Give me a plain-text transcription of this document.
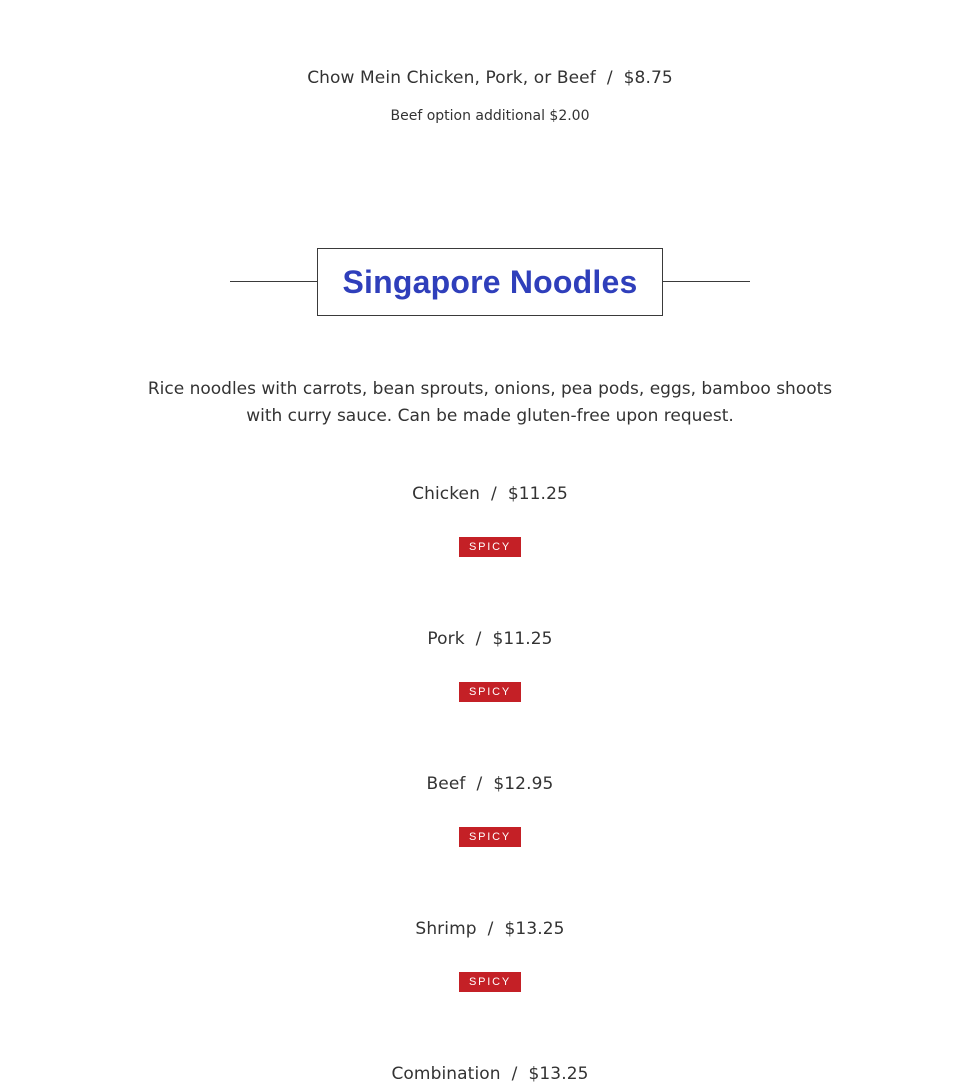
Chow Mein Chicken, Pork, or Beef / $8.75
Beef option additional $2.00
Singapore Noodles
Rice noodles with carrots, bean sprouts, onions, pea pods, eggs, bamboo shoots with curry sauce. Can be made gluten-free upon request.
Chicken / $11.25
SPICY
Pork / $11.25
SPICY
Beef / $12.95
SPICY
Shrimp / $13.25
SPICY
Combination / $13.25
